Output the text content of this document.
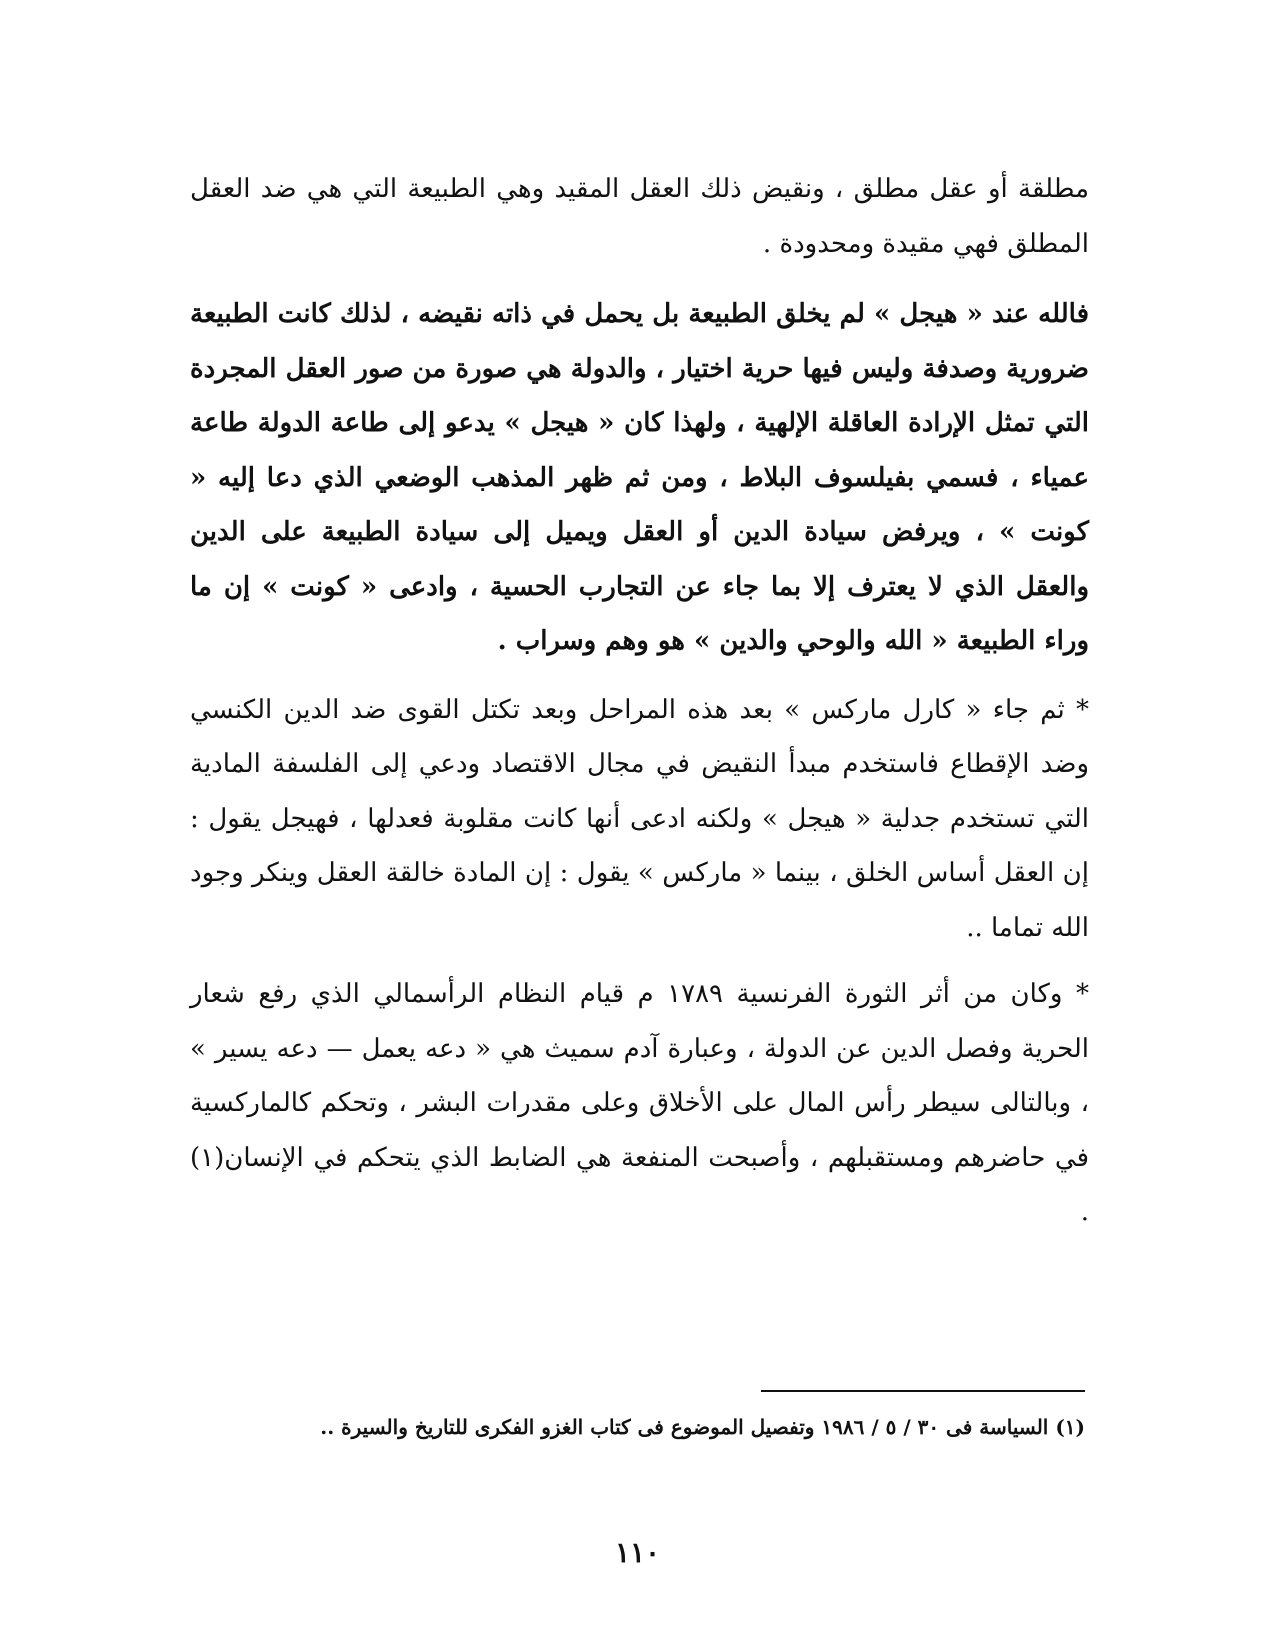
مطلقة أو عقل مطلق ، ونقيض ذلك العقل المقيد وهي الطبيعة التي هي ضد العقل المطلق فهي مقيدة ومحدودة .

فالله عند « هيجل » لم يخلق الطبيعة بل يحمل في ذاته نقيضه ، لذلك كانت الطبيعة ضرورية وصدفة وليس فيها حرية اختيار ، والدولة هي صورة من صور العقل المجردة التي تمثل الإرادة العاقلة الإلهية ، ولهذا كان « هيجل » يدعو إلى طاعة الدولة طاعة عمياء ، فسمي بفيلسوف البلاط ، ومن ثم ظهر المذهب الوضعي الذي دعا إليه « كونت » ، ويرفض سيادة الدين أو العقل ويميل إلى سيادة الطبيعة على الدين والعقل الذي لا يعترف إلا بما جاء عن التجارب الحسية ، وادعى « كونت » إن ما وراء الطبيعة « الله والوحي والدين » هو وهم وسراب .

* ثم جاء « كارل ماركس » بعد هذه المراحل وبعد تكتل القوى ضد الدين الكنسي وضد الإقطاع فاستخدم مبدأ النقيض في مجال الاقتصاد ودعي إلى الفلسفة المادية التي تستخدم جدلية « هيجل » ولكنه ادعى أنها كانت مقلوبة فعدلها ، فهيجل يقول : إن العقل أساس الخلق ، بينما « ماركس » يقول : إن المادة خالقة العقل وينكر وجود الله تماما ..

* وكان من أثر الثورة الفرنسية ١٧٨٩ م قيام النظام الرأسمالي الذي رفع شعار الحرية وفصل الدين عن الدولة ، وعبارة آدم سميث هي « دعه يعمل — دعه يسير » ، وبالتالى سيطر رأس المال على الأخلاق وعلى مقدرات البشر ، وتحكم كالماركسية في حاضرهم ومستقبلهم ، وأصبحت المنفعة هي الضابط الذي يتحكم في الإنسان(١) .

(١) السياسة فى ٣٠ / ٥ / ١٩٨٦ وتفصيل الموضوع فى كتاب الغزو الفكرى للتاريخ والسيرة ..
١١٠
